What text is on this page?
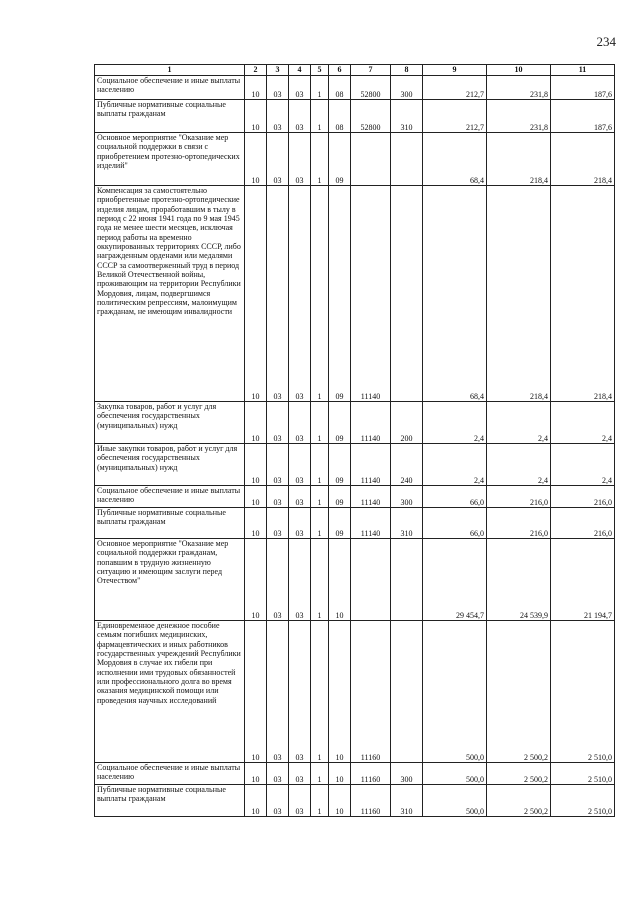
234
1	2	3	4	5	6	7	8	9	10	11
Социальное обеспечение и иные выплаты населению	10	03	03	1	08	52800	300	212,7	231,8	187,6
Публичные нормативные социальные выплаты гражданам	10	03	03	1	08	52800	310	212,7	231,8	187,6
Основное мероприятие "Оказание мер социальной поддержки в связи с приобретением протезно-ортопедических изделий"	10	03	03	1	09			68,4	218,4	218,4
Компенсация за самостоятельно приобретенные протезно-ортопедические изделия лицам, проработавшим в тылу в период с 22 июня 1941 года по 9 мая 1945 года не менее шести месяцев, исключая период работы на временно оккупированных территориях СССР, либо награжденным орденами или медалями СССР за самоотверженный труд в период Великой Отечественной войны, проживающим на территории Республики Мордовия, лицам, подвергшимся политическим репрессиям, малоимущим гражданам, не имеющим инвалидности	10	03	03	1	09	11140		68,4	218,4	218,4
Закупка товаров, работ и услуг для обеспечения государственных (муниципальных) нужд	10	03	03	1	09	11140	200	2,4	2,4	2,4
Иные закупки товаров, работ и услуг для обеспечения государственных (муниципальных) нужд	10	03	03	1	09	11140	240	2,4	2,4	2,4
Социальное обеспечение и иные выплаты населению	10	03	03	1	09	11140	300	66,0	216,0	216,0
Публичные нормативные социальные выплаты гражданам	10	03	03	1	09	11140	310	66,0	216,0	216,0
Основное мероприятие "Оказание мер социальной поддержки гражданам, попавшим в трудную жизненную ситуацию и имеющим заслуги перед Отечеством"	10	03	03	1	10			29 454,7	24 539,9	21 194,7
Единовременное денежное пособие семьям погибших медицинских, фармацевтических и иных работников государственных учреждений Республики Мордовия в случае их гибели при исполнении ими трудовых обязанностей или профессионального долга во время оказания медицинской помощи или проведения научных исследований	10	03	03	1	10	11160		500,0	2 500,2	2 510,0
Социальное обеспечение и иные выплаты населению	10	03	03	1	10	11160	300	500,0	2 500,2	2 510,0
Публичные нормативные социальные выплаты гражданам	10	03	03	1	10	11160	310	500,0	2 500,2	2 510,0
